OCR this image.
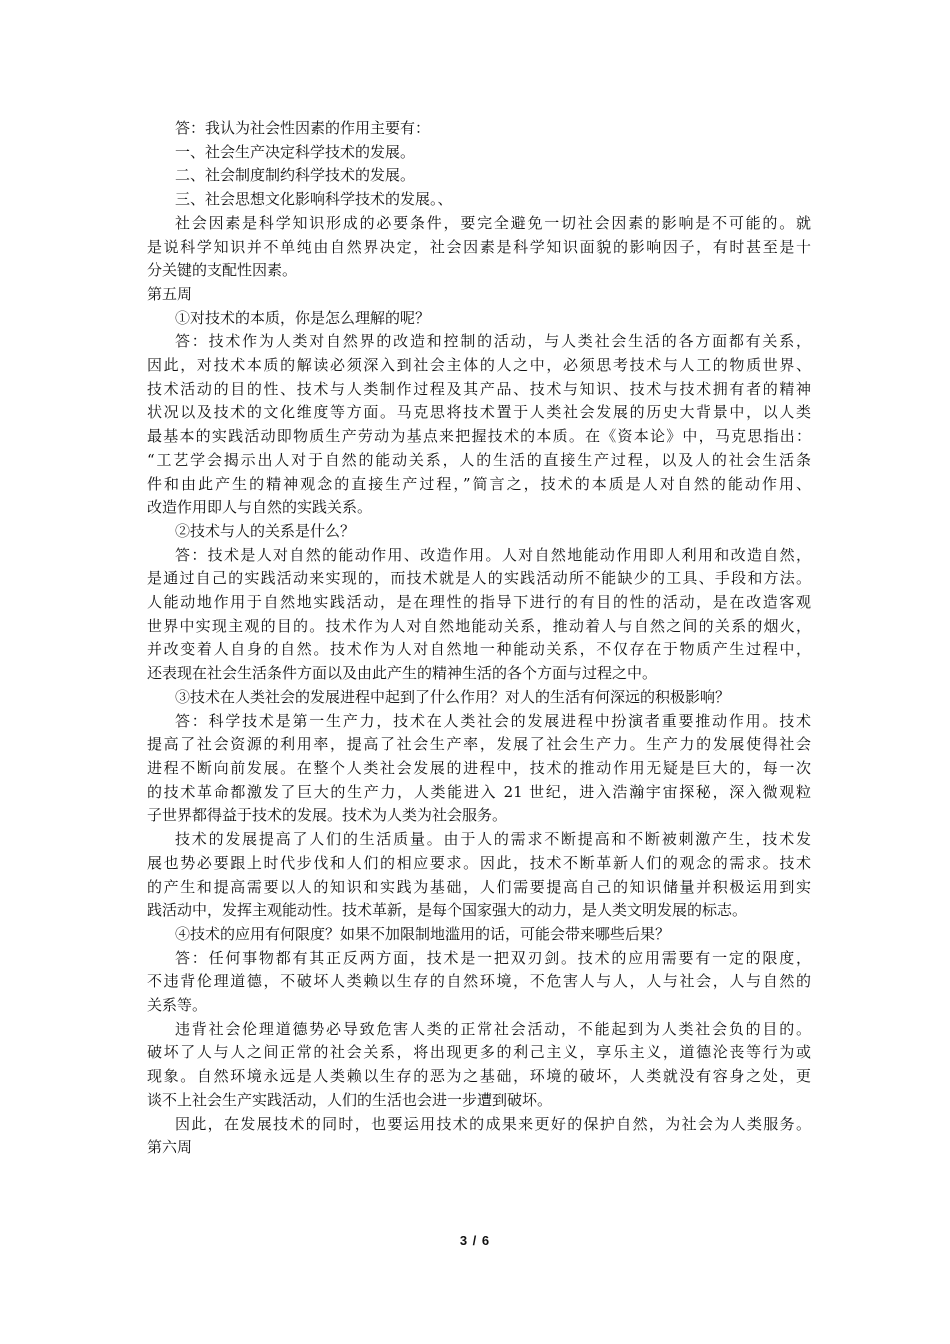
答：我认为社会性因素的作用主要有：
一、社会生产决定科学技术的发展。
二、社会制度制约科学技术的发展。
三、社会思想文化影响科学技术的发展。、
社会因素是科学知识形成的必要条件，要完全避免一切社会因素的影响是不可能的。就
是说科学知识并不单纯由自然界决定，社会因素是科学知识面貌的影响因子，有时甚至是十
分关键的支配性因素。
第五周
①对技术的本质，你是怎么理解的呢？
答：技术作为人类对自然界的改造和控制的活动，与人类社会生活的各方面都有关系，
因此，对技术本质的解读必须深入到社会主体的人之中，必须思考技术与人工的物质世界、
技术活动的目的性、技术与人类制作过程及其产品、技术与知识、技术与技术拥有者的精神
状况以及技术的文化维度等方面。马克思将技术置于人类社会发展的历史大背景中，以人类
最基本的实践活动即物质生产劳动为基点来把握技术的本质。在《资本论》中，马克思指出：
“工艺学会揭示出人对于自然的能动关系，人的生活的直接生产过程，以及人的社会生活条
件和由此产生的精神观念的直接生产过程，”简言之，技术的本质是人对自然的能动作用、
改造作用即人与自然的实践关系。
②技术与人的关系是什么？
答：技术是人对自然的能动作用、改造作用。人对自然地能动作用即人利用和改造自然，
是通过自己的实践活动来实现的，而技术就是人的实践活动所不能缺少的工具、手段和方法。
人能动地作用于自然地实践活动，是在理性的指导下进行的有目的性的活动，是在改造客观
世界中实现主观的目的。技术作为人对自然地能动关系，推动着人与自然之间的关系的烟火，
并改变着人自身的自然。技术作为人对自然地一种能动关系，不仅存在于物质产生过程中，
还表现在社会生活条件方面以及由此产生的精神生活的各个方面与过程之中。
③技术在人类社会的发展进程中起到了什么作用？对人的生活有何深远的积极影响？
答：科学技术是第一生产力，技术在人类社会的发展进程中扮演者重要推动作用。技术
提高了社会资源的利用率，提高了社会生产率，发展了社会生产力。生产力的发展使得社会
进程不断向前发展。在整个人类社会发展的进程中，技术的推动作用无疑是巨大的，每一次
的技术革命都激发了巨大的生产力，人类能进入 21 世纪，进入浩瀚宇宙探秘，深入微观粒
子世界都得益于技术的发展。技术为人类为社会服务。
技术的发展提高了人们的生活质量。由于人的需求不断提高和不断被刺激产生，技术发
展也势必要跟上时代步伐和人们的相应要求。因此，技术不断革新人们的观念的需求。技术
的产生和提高需要以人的知识和实践为基础，人们需要提高自己的知识储量并积极运用到实
践活动中，发挥主观能动性。技术革新，是每个国家强大的动力，是人类文明发展的标志。
④技术的应用有何限度？如果不加限制地滥用的话，可能会带来哪些后果？
答：任何事物都有其正反两方面，技术是一把双刃剑。技术的应用需要有一定的限度，
不违背伦理道德，不破坏人类赖以生存的自然环境，不危害人与人，人与社会，人与自然的
关系等。
违背社会伦理道德势必导致危害人类的正常社会活动，不能起到为人类社会负的目的。
破坏了人与人之间正常的社会关系，将出现更多的利己主义，享乐主义，道德沦丧等行为或
现象。自然环境永远是人类赖以生存的恶为之基础，环境的破坏，人类就没有容身之处，更
谈不上社会生产实践活动，人们的生活也会进一步遭到破坏。
因此，在发展技术的同时，也要运用技术的成果来更好的保护自然，为社会为人类服务。
第六周
3 / 6
